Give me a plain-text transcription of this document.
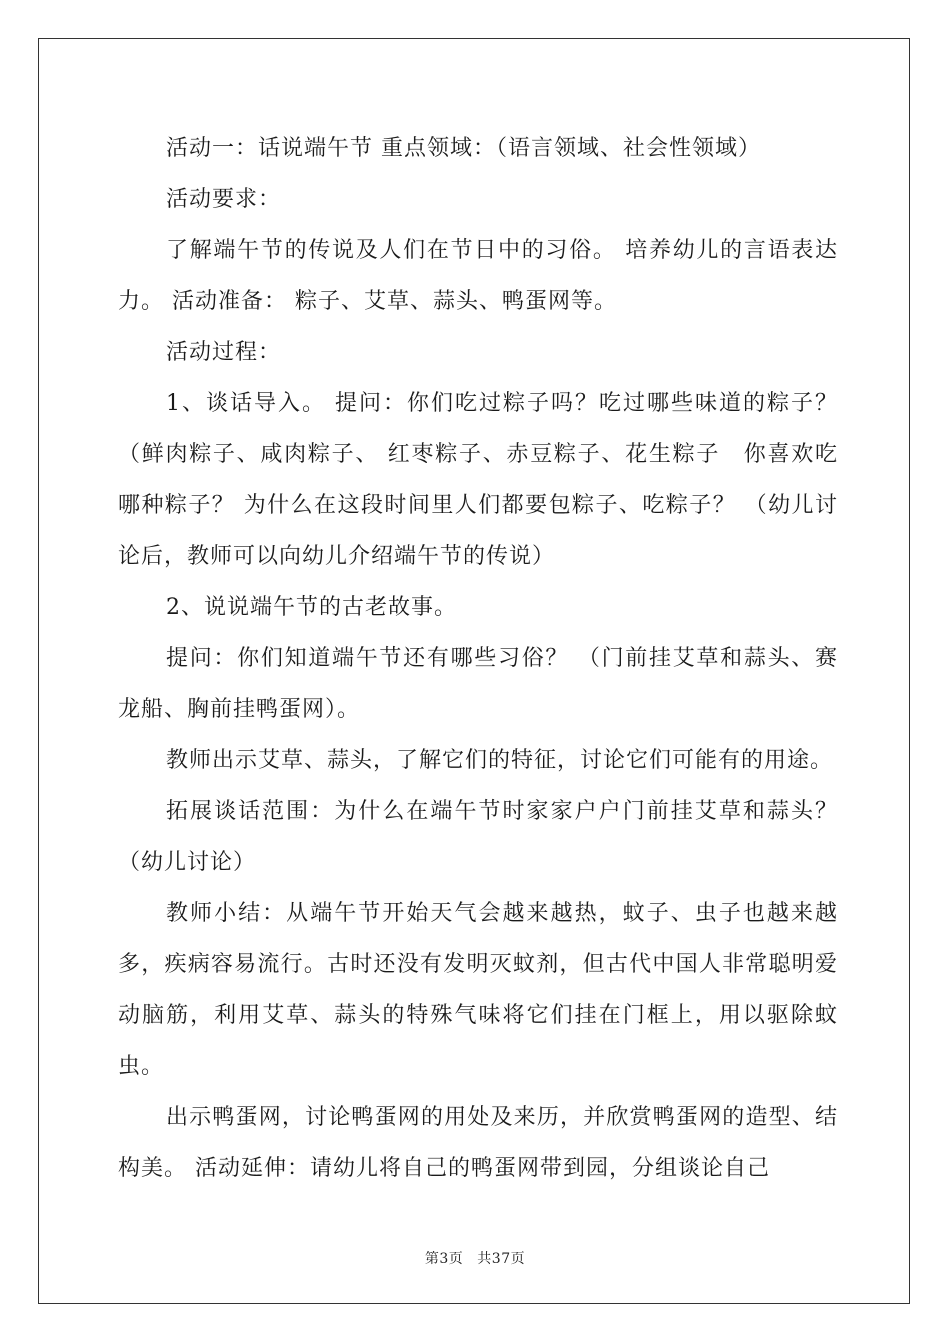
活动一：话说端午节 重点领域：（语言领域、社会性领域）

活动要求：

了解端午节的传说及人们在节日中的习俗。 培养幼儿的言语表达力。 活动准备： 粽子、艾草、蒜头、鸭蛋网等。

活动过程：

1、谈话导入。 提问：你们吃过粽子吗？吃过哪些味道的粽子？（鲜肉粽子、咸肉粽子、 红枣粽子、赤豆粽子、花生粽子　你喜欢吃哪种粽子？ 为什么在这段时间里人们都要包粽子、吃粽子？ （幼儿讨论后，教师可以向幼儿介绍端午节的传说）

2、说说端午节的古老故事。

提问：你们知道端午节还有哪些习俗？ （门前挂艾草和蒜头、赛龙船、胸前挂鸭蛋网）。

教师出示艾草、蒜头，了解它们的特征，讨论它们可能有的用途。

拓展谈话范围：为什么在端午节时家家户户门前挂艾草和蒜头？（幼儿讨论）

教师小结：从端午节开始天气会越来越热，蚊子、虫子也越来越多，疾病容易流行。古时还没有发明灭蚊剂，但古代中国人非常聪明爱动脑筋，利用艾草、蒜头的特殊气味将它们挂在门框上，用以驱除蚊虫。

出示鸭蛋网，讨论鸭蛋网的用处及来历，并欣赏鸭蛋网的造型、结构美。 活动延伸：请幼儿将自己的鸭蛋网带到园，分组谈论自己

第3页 共37页
